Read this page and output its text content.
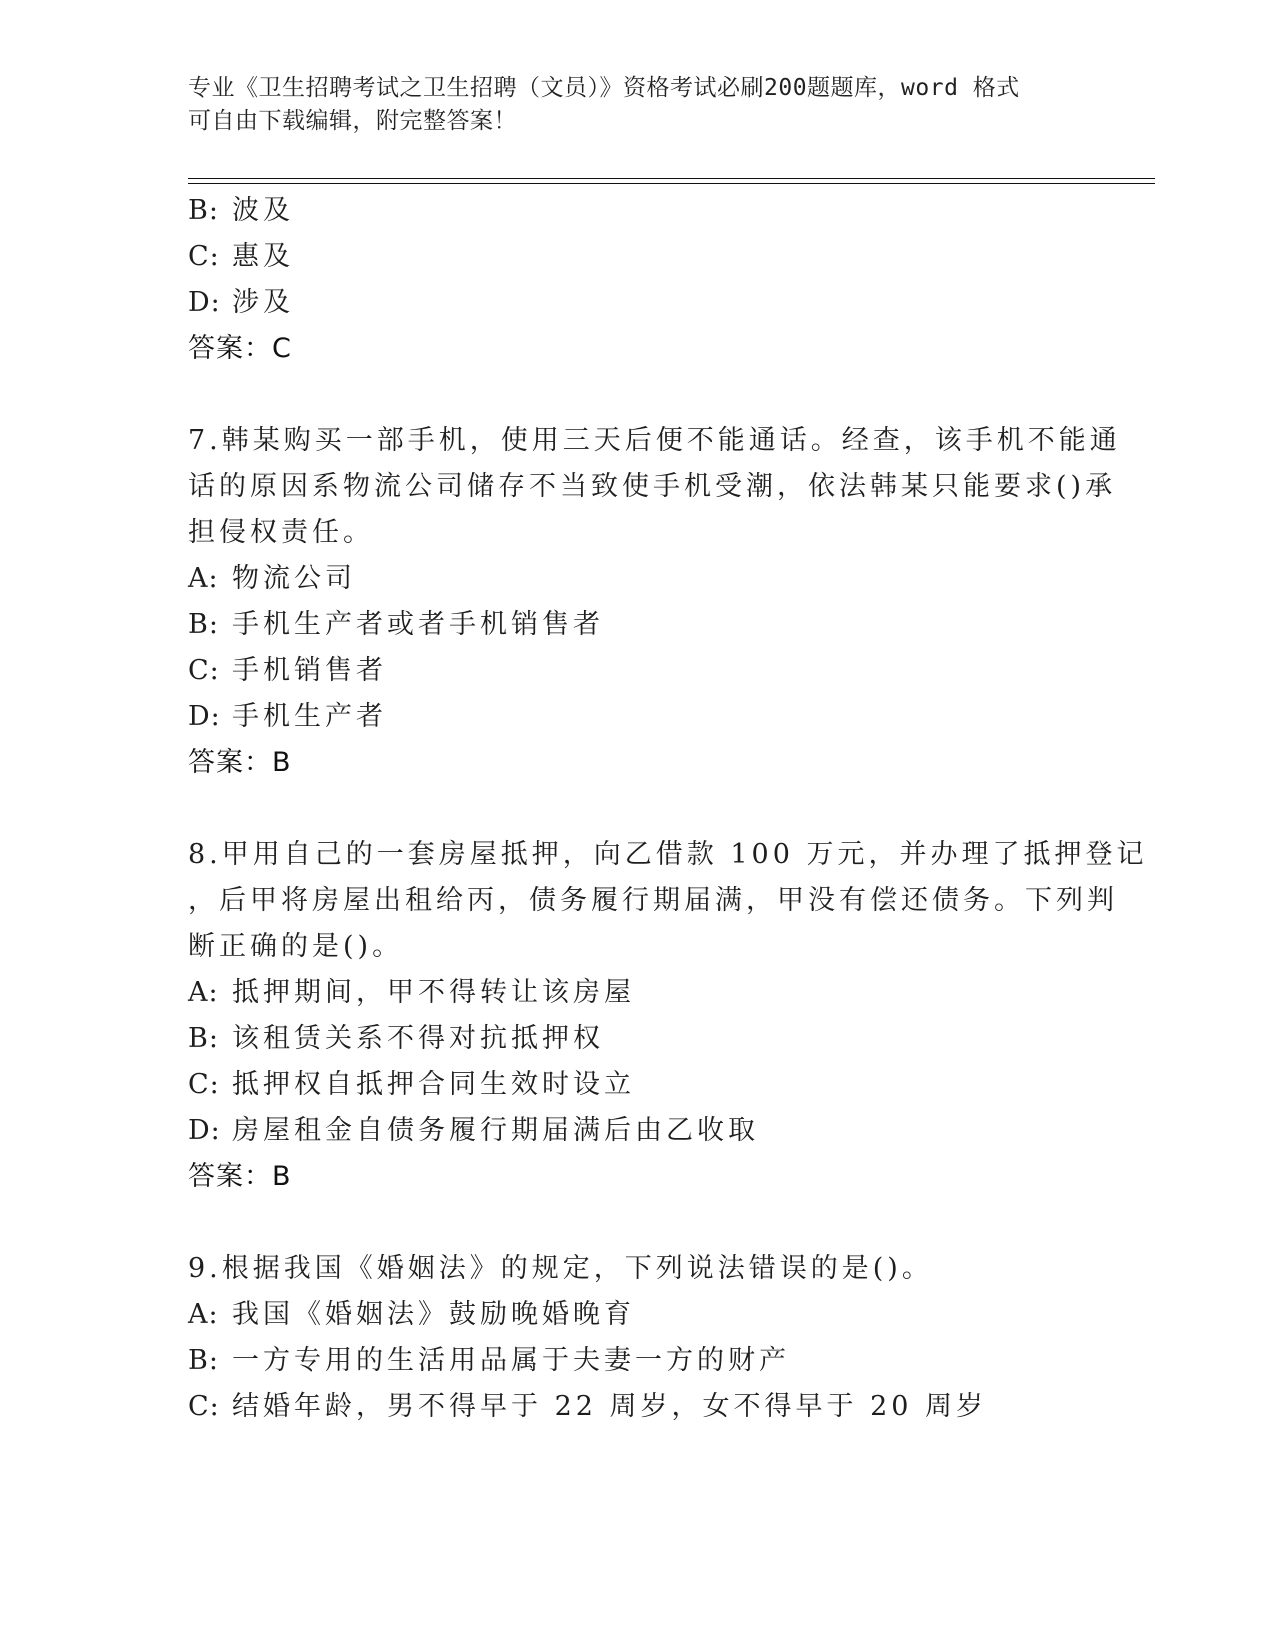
专业《卫生招聘考试之卫生招聘（文员）》资格考试必刷200题题库，word 格式
可自由下载编辑，附完整答案！
B: 波及
C: 惠及
D: 涉及
答案：C
7.韩某购买一部手机，使用三天后便不能通话。经查，该手机不能通
话的原因系物流公司储存不当致使手机受潮，依法韩某只能要求()承
担侵权责任。
A: 物流公司
B: 手机生产者或者手机销售者
C: 手机销售者
D: 手机生产者
答案：B
8.甲用自己的一套房屋抵押，向乙借款 100 万元，并办理了抵押登记
，后甲将房屋出租给丙，债务履行期届满，甲没有偿还债务。下列判
断正确的是()。
A: 抵押期间，甲不得转让该房屋
B: 该租赁关系不得对抗抵押权
C: 抵押权自抵押合同生效时设立
D: 房屋租金自债务履行期届满后由乙收取
答案：B
9.根据我国《婚姻法》的规定，下列说法错误的是()。
A: 我国《婚姻法》鼓励晚婚晚育
B: 一方专用的生活用品属于夫妻一方的财产
C: 结婚年龄，男不得早于 22 周岁，女不得早于 20 周岁
